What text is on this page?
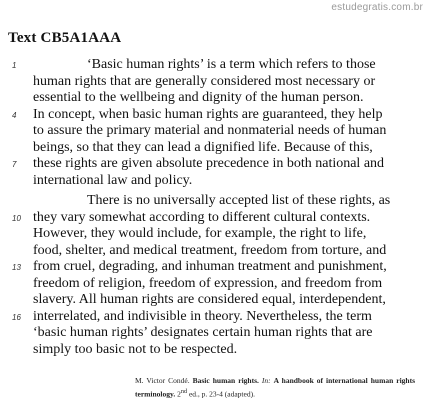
estudegratis.com.br
Text CB5A1AAA
1	‘Basic human rights’ is a term which refers to those
human rights that are generally considered most necessary or
essential to the wellbeing and dignity of the human person.
4	In concept, when basic human rights are guaranteed, they help
to assure the primary material and nonmaterial needs of human
beings, so that they can lead a dignified life. Because of this,
7	these rights are given absolute precedence in both national and
international law and policy.
There is no universally accepted list of these rights, as
10 they vary somewhat according to different cultural contexts.
However, they would include, for example, the right to life,
food, shelter, and medical treatment, freedom from torture, and
13 from cruel, degrading, and inhuman treatment and punishment,
freedom of religion, freedom of expression, and freedom from
slavery. All human rights are considered equal, interdependent,
16 interrelated, and indivisible in theory. Nevertheless, the term
‘basic human rights’ designates certain human rights that are
simply too basic not to be respected.
M. Victor Condé. Basic human rights. In: A handbook of international human rights terminology. 2nd ed., p. 23-4 (adapted).
